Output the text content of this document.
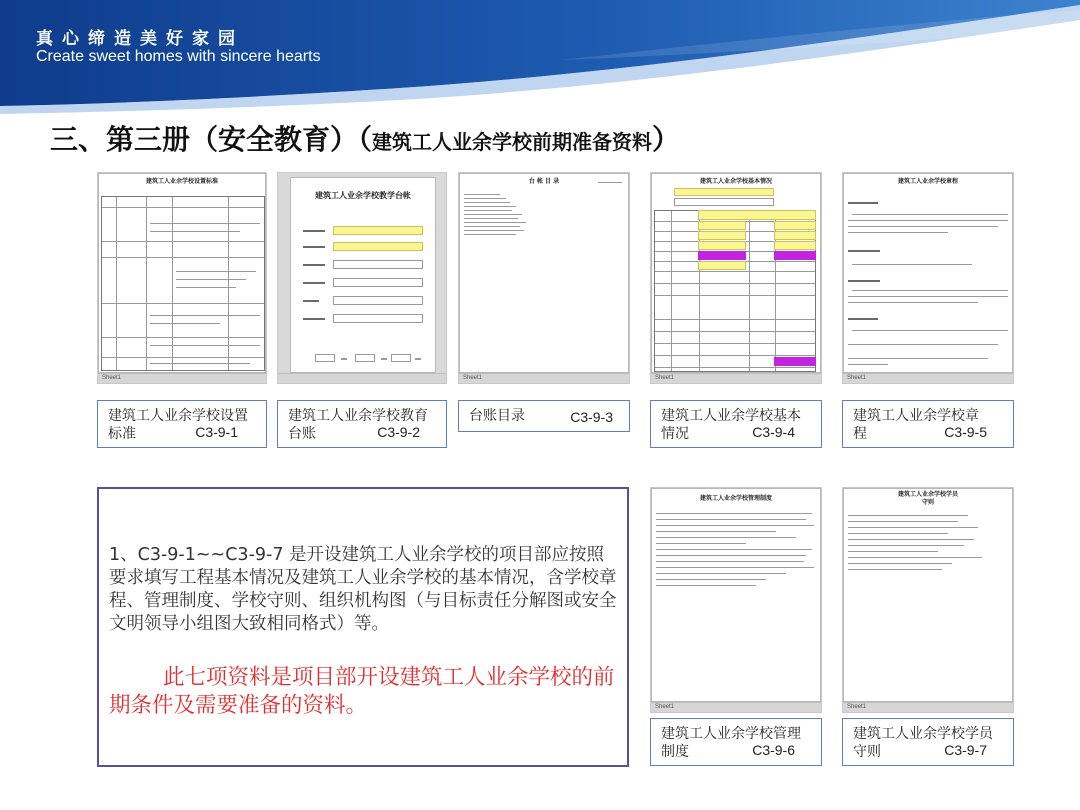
真心缔造美好家园
Create sweet homes with sincere hearts
三、第三册（安全教育）（建筑工人业余学校前期准备资料）
建筑工人业余学校设置标准
Sheet1
建筑工人业余学校教学台帐
台 帐 目 录
Sheet1
建筑工人业余学校基本情况
Sheet1
建筑工人业余学校章程
Sheet1
建筑工人业余学校管理制度
Sheet1
建筑工人业余学校学员守则
Sheet1
建筑工人业余学校设置标准	C3-9-1
建筑工人业余学校教育台账	C3-9-2
台账目录	C3-9-3	建筑工人业余学校基本情况	C3-9-4
建筑工人业余学校章程	C3-9-5
建筑工人业余学校管理制度	C3-9-6
建筑工人业余学校学员守则	C3-9-7
1、C3-9-1~~C3-9-7 是开设建筑工人业余学校的项目部应按照要求填写工程基本情况及建筑工人业余学校的基本情况，含学校章程、管理制度、学校守则、组织机构图（与目标责任分解图或安全文明领导小组图大致相同格式）等。
此七项资料是项目部开设建筑工人业余学校的前期条件及需要准备的资料。
